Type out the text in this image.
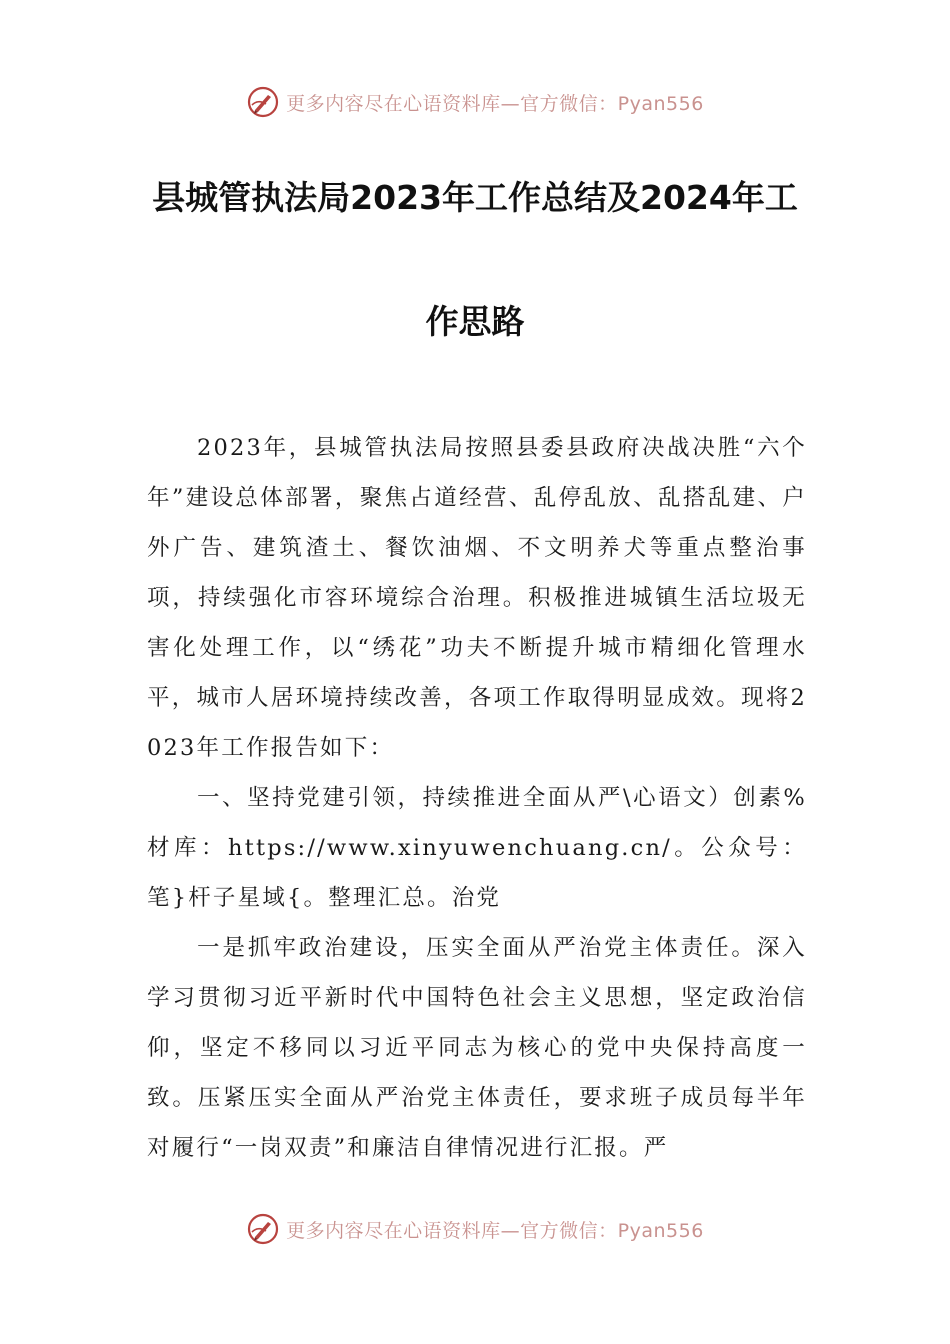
更多内容尽在心语资料库—官方微信：Pyan556
县城管执法局2023年工作总结及2024年工
作思路
2023年，县城管执法局按照县委县政府决战决胜“六个年”建设总体部署，聚焦占道经营、乱停乱放、乱搭乱建、户外广告、建筑渣土、餐饮油烟、不文明养犬等重点整治事项，持续强化市容环境综合治理。积极推进城镇生活垃圾无害化处理工作，以“绣花”功夫不断提升城市精细化管理水平，城市人居环境持续改善，各项工作取得明显成效。现将2023年工作报告如下：
一、坚持党建引领，持续推进全面从严\心语文）创素%材库：https://www.xinyuwenchuang.cn/。公众号：笔}杆子星域{。整理汇总。治党
一是抓牢政治建设，压实全面从严治党主体责任。深入学习贯彻习近平新时代中国特色社会主义思想，坚定政治信仰，坚定不移同以习近平同志为核心的党中央保持高度一致。压紧压实全面从严治党主体责任，要求班子成员每半年对履行“一岗双责”和廉洁自律情况进行汇报。严
更多内容尽在心语资料库—官方微信：Pyan556
